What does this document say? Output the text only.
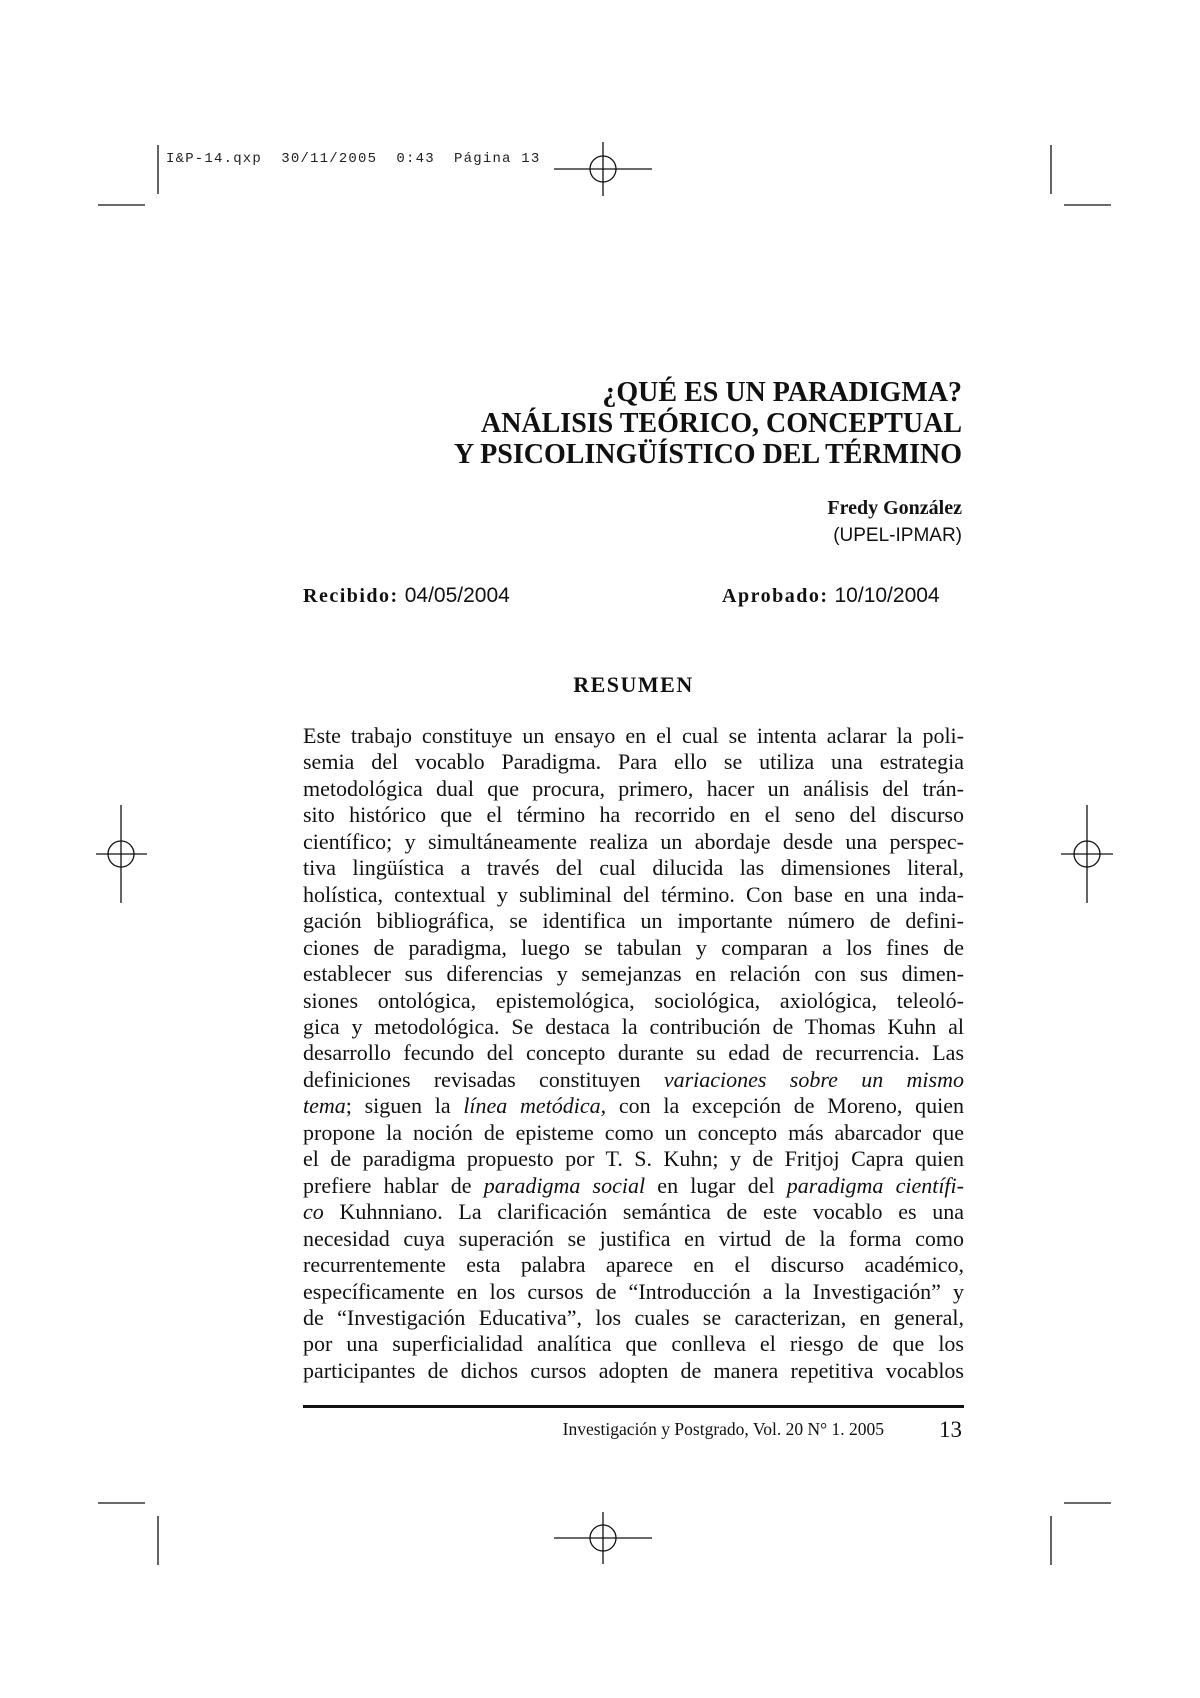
I&P-14.qxp  30/11/2005  0:43  Página 13
¿QUÉ ES UN PARADIGMA?
ANÁLISIS TEÓRICO, CONCEPTUAL
Y PSICOLINGÜÍSTICO DEL TÉRMINO
Fredy González
(UPEL-IPMAR)
Recibido: 04/05/2004	Aprobado: 10/10/2004
RESUMEN
Este trabajo constituye un ensayo en el cual se intenta aclarar la poli-
semia del vocablo Paradigma. Para ello se utiliza una estrategia
metodológica dual que procura, primero, hacer un análisis del trán-
sito histórico que el término ha recorrido en el seno del discurso
científico; y simultáneamente realiza un abordaje desde una perspec-
tiva lingüística a través del cual dilucida las dimensiones literal,
holística, contextual y subliminal del término. Con base en una inda-
gación bibliográfica, se identifica un importante número de defini-
ciones de paradigma, luego se tabulan y comparan a los fines de
establecer sus diferencias y semejanzas en relación con sus dimen-
siones ontológica, epistemológica, sociológica, axiológica, teleoló-
gica y metodológica. Se destaca la contribución de Thomas Kuhn al
desarrollo fecundo del concepto durante su edad de recurrencia. Las
definiciones revisadas constituyen variaciones sobre un mismo
tema; siguen la línea metódica, con la excepción de Moreno, quien
propone la noción de episteme como un concepto más abarcador que
el de paradigma propuesto por T. S. Kuhn; y de Fritjoj Capra quien
prefiere hablar de paradigma social en lugar del paradigma científi-
co Kuhnniano. La clarificación semántica de este vocablo es una
necesidad cuya superación se justifica en virtud de la forma como
recurrentemente esta palabra aparece en el discurso académico,
específicamente en los cursos de “Introducción a la Investigación” y
de “Investigación Educativa”, los cuales se caracterizan, en general,
por una superficialidad analítica que conlleva el riesgo de que los
participantes de dichos cursos adopten de manera repetitiva vocablos
Investigación y Postgrado, Vol. 20 N° 1. 2005 13
